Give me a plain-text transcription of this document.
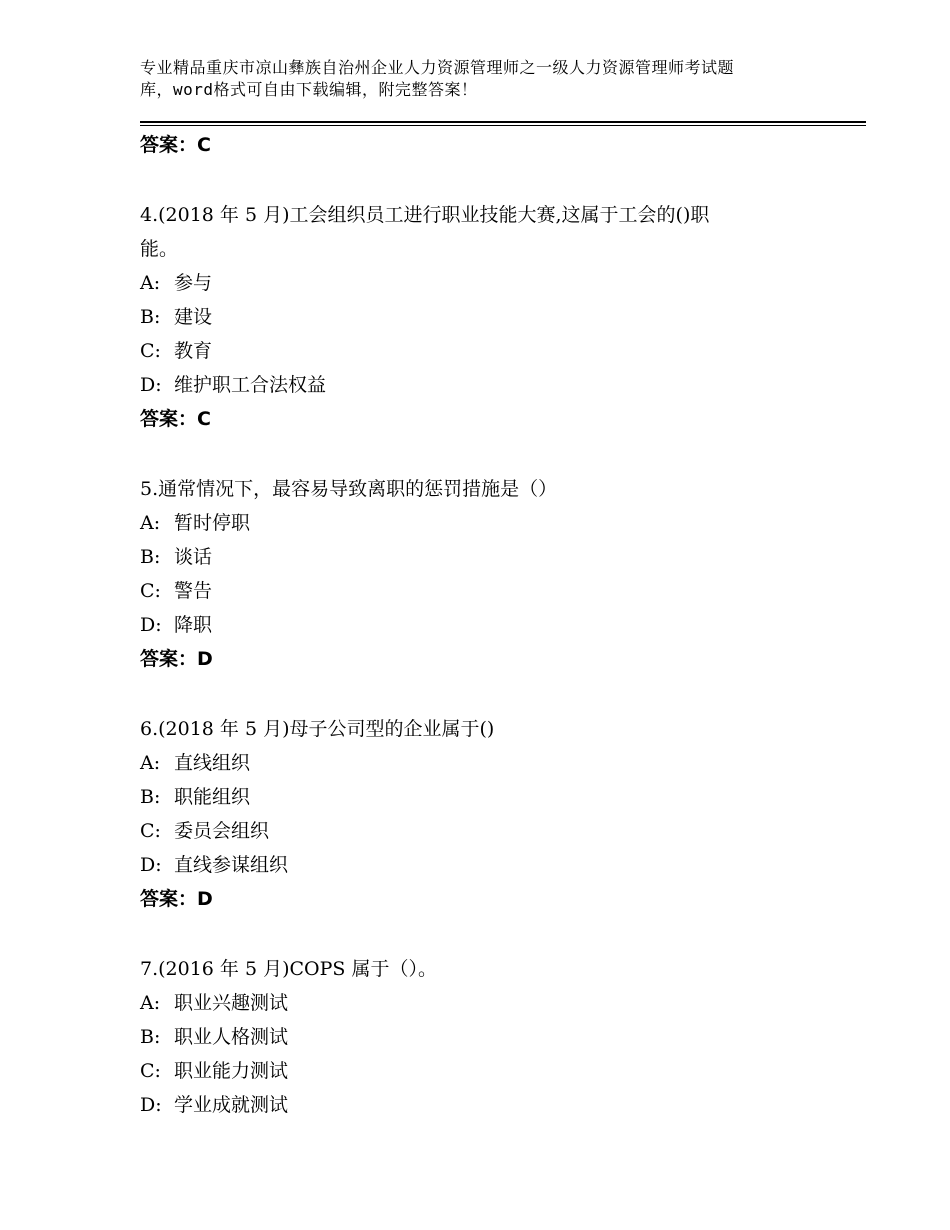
专业精品重庆市凉山彝族自治州企业人力资源管理师之一级人力资源管理师考试题
库，word格式可自由下载编辑，附完整答案！
答案：C
4.(2018 年 5 月)工会组织员工进行职业技能大赛,这属于工会的()职
能。
A: 参与
B: 建设
C: 教育
D: 维护职工合法权益
答案：C
5.通常情况下，最容易导致离职的惩罚措施是（）
A: 暂时停职
B: 谈话
C: 警告
D: 降职
答案：D
6.(2018 年 5 月)母子公司型的企业属于()
A: 直线组织
B: 职能组织
C: 委员会组织
D: 直线参谋组织
答案：D
7.(2016 年 5 月)COPS 属于（）。
A: 职业兴趣测试
B: 职业人格测试
C: 职业能力测试
D: 学业成就测试
